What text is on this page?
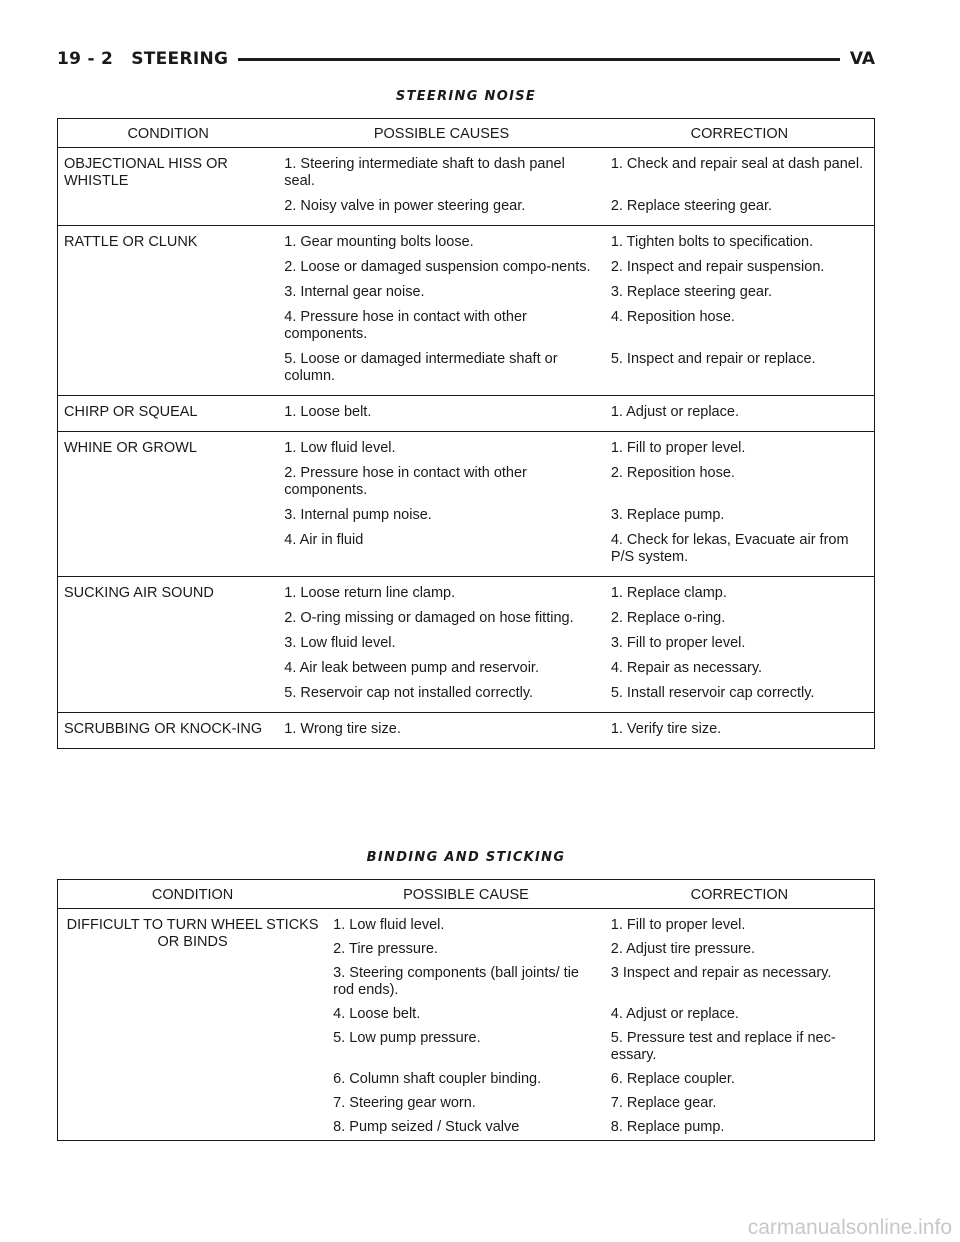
19 - 2 STEERING	VA
STEERING NOISE
CONDITION	POSSIBLE CAUSES	CORRECTION
OBJECTIONAL HISS OR WHISTLE	1. Steering intermediate shaft to dash panel seal.	1. Check and repair seal at dash panel.
	2. Noisy valve in power steering gear.	2. Replace steering gear.
RATTLE OR CLUNK	1. Gear mounting bolts loose.	1. Tighten bolts to specification.
	2. Loose or damaged suspension compo-nents.	2. Inspect and repair suspension.
	3. Internal gear noise.	3. Replace steering gear.
	4. Pressure hose in contact with other components.	4. Reposition hose.
	5. Loose or damaged intermediate shaft or column.	5. Inspect and repair or replace.
CHIRP OR SQUEAL	1. Loose belt.	1. Adjust or replace.
WHINE OR GROWL	1. Low fluid level.	1. Fill to proper level.
	2. Pressure hose in contact with other components.	2. Reposition hose.
	3. Internal pump noise.	3. Replace pump.
	4. Air in fluid	4. Check for lekas, Evacuate air from P/S system.
SUCKING AIR SOUND	1. Loose return line clamp.	1. Replace clamp.
	2. O-ring missing or damaged on hose fitting.	2. Replace o-ring.
	3. Low fluid level.	3. Fill to proper level.
	4. Air leak between pump and reservoir.	4. Repair as necessary.
	5. Reservoir cap not installed correctly.	5. Install reservoir cap correctly.
SCRUBBING OR KNOCK-ING	1. Wrong tire size.	1. Verify tire size.
BINDING AND STICKING
CONDITION	POSSIBLE CAUSE	CORRECTION
DIFFICULT TO TURN WHEEL STICKS OR BINDS	1. Low fluid level.	1. Fill to proper level.
	2. Tire pressure.	2. Adjust tire pressure.
	3. Steering components (ball joints/ tie rod ends).	3 Inspect and repair as necessary.
	4. Loose belt.	4. Adjust or replace.
	5. Low pump pressure.	5. Pressure test and replace if nec-essary.
	6. Column shaft coupler binding.	6. Replace coupler.
	7. Steering gear worn.	7. Replace gear.
	8. Pump seized / Stuck valve	8. Replace pump.
carmanualsonline.info
